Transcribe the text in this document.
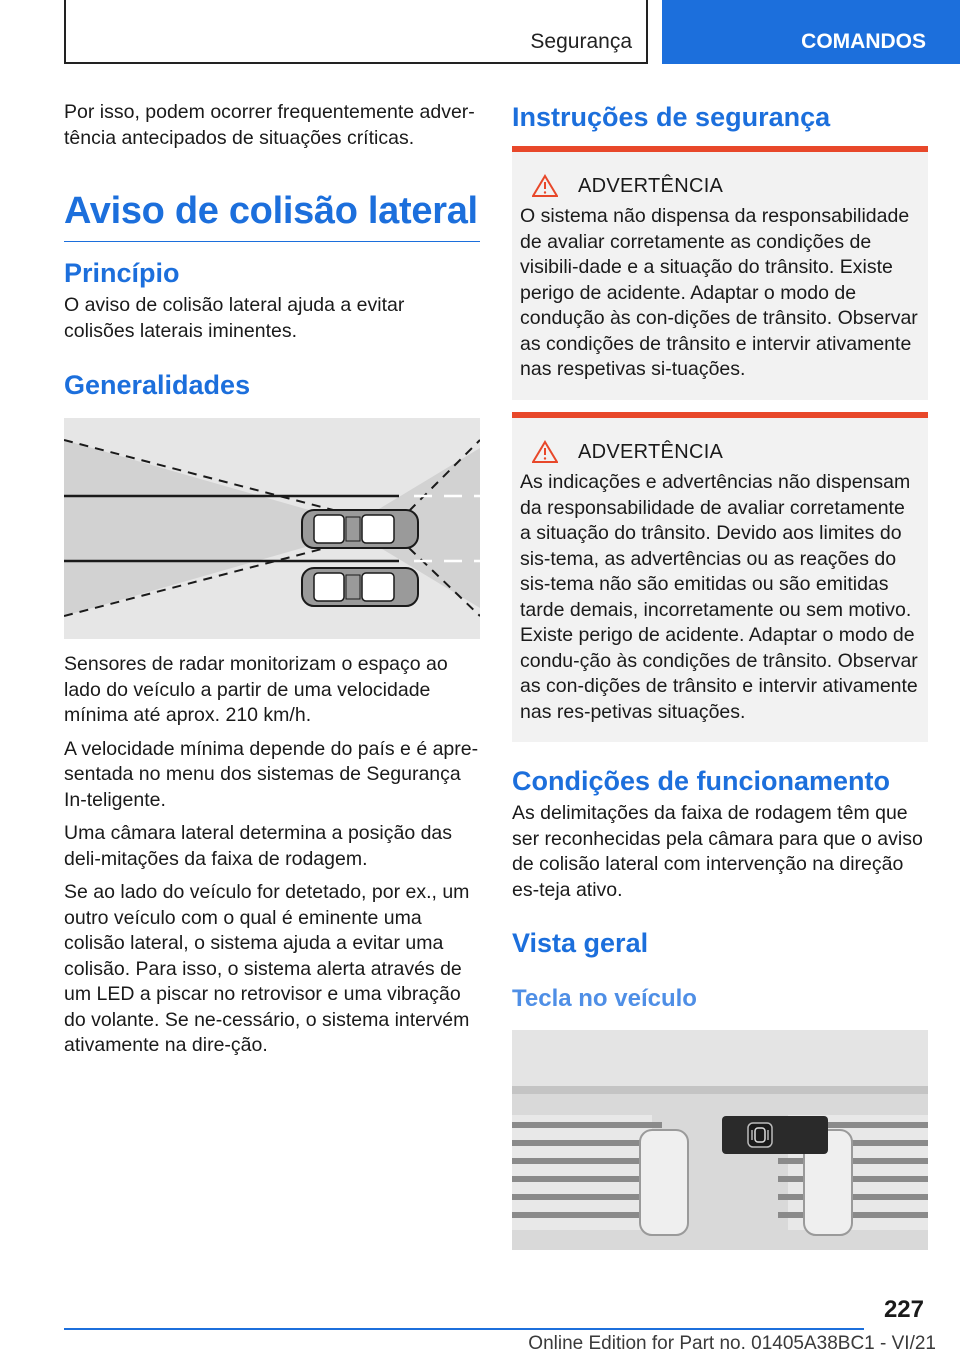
Segurança	COMANDOS

Por isso, podem ocorrer frequentemente adver-tência antecipados de situações críticas.

Aviso de colisão lateral
Princípio

O aviso de colisão lateral ajuda a evitar colisões laterais iminentes.

Generalidades

Sensores de radar monitorizam o espaço ao lado do veículo a partir de uma velocidade mínima até aprox. 210 km/h.

A velocidade mínima depende do país e é apre-sentada no menu dos sistemas de Segurança In-teligente.

Uma câmara lateral determina a posição das deli-mitações da faixa de rodagem.

Se ao lado do veículo for detetado, por ex., um outro veículo com o qual é eminente uma colisão lateral, o sistema ajuda a evitar uma colisão. Para isso, o sistema alerta através de um LED a piscar no retrovisor e uma vibração do volante. Se ne-cessário, o sistema intervém ativamente na dire-ção.

Instruções de segurança
ADVERTÊNCIA

O sistema não dispensa da responsabilidade de avaliar corretamente as condições de visibili-dade e a situação do trânsito. Existe perigo de acidente. Adaptar o modo de condução às con-dições de trânsito. Observar as condições de trânsito e intervir ativamente nas respetivas si-tuações.

ADVERTÊNCIA

As indicações e advertências não dispensam da responsabilidade de avaliar corretamente a situação do trânsito. Devido aos limites do sis-tema, as advertências ou as reações do sis-tema não são emitidas ou são emitidas tarde demais, incorretamente ou sem motivo. Existe perigo de acidente. Adaptar o modo de condu-ção às condições de trânsito. Observar as con-dições de trânsito e intervir ativamente nas res-petivas situações.

Condições de funcionamento

As delimitações da faixa de rodagem têm que ser reconhecidas pela câmara para que o aviso de colisão lateral com intervenção na direção es-teja ativo.

Vista geral
Tecla no veículo
227
Online Edition for Part no. 01405A38BC1 - VI/21
